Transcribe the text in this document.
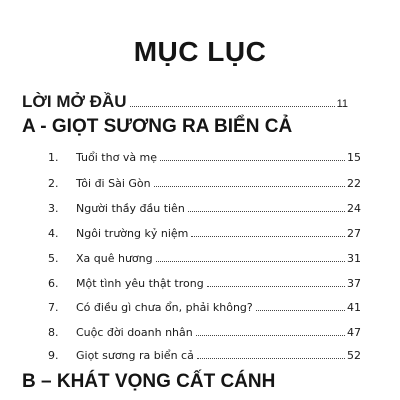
MỤC LỤC
LỜI MỞ ĐẦU	11
A - GIỌT SƯƠNG RA BIỂN CẢ
1.	Tuổi thơ và mẹ	15
2.	Tôi đi Sài Gòn	22
3.	Người thầy đầu tiên	24
4.	Ngôi trường kỷ niệm	27
5.	Xa quê hương	31
6.	Một tình yêu thật trong	37
7.	Có điều gì chưa ổn, phải không?	41
8.	Cuộc đời doanh nhân	47
9.	Giọt sương ra biển cả	52
B – KHÁT VỌNG CẤT CÁNH
